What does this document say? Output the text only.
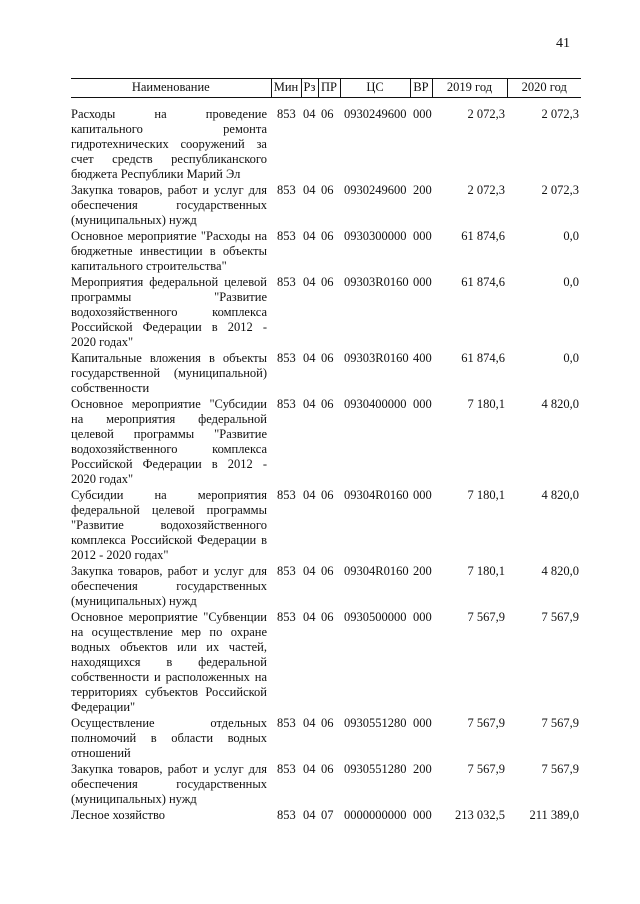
41
Наименование	Мин	Рз	ПР	ЦС	ВР	2019 год	2020 год
Расходы на проведение капитального ремонта гидротехнических сооружений за счет средств республиканского бюджета Республики Марий Эл	853	04	06	0930249600	000	2 072,3	2 072,3
Закупка товаров, работ и услуг для обеспечения государственных (муниципальных) нужд	853	04	06	0930249600	200	2 072,3	2 072,3
Основное мероприятие "Расходы на бюджетные инвестиции в объекты капитального строительства"	853	04	06	0930300000	000	61 874,6	0,0
Мероприятия федеральной целевой программы "Развитие водохозяйственного комплекса Российской Федерации в 2012 - 2020 годах"	853	04	06	09303R0160	000	61 874,6	0,0
Капитальные вложения в объекты государственной (муниципальной) собственности	853	04	06	09303R0160	400	61 874,6	0,0
Основное мероприятие "Субсидии на мероприятия федеральной целевой программы "Развитие водохозяйственного комплекса Российской Федерации в 2012 - 2020 годах"	853	04	06	0930400000	000	7 180,1	4 820,0
Субсидии на мероприятия федеральной целевой программы "Развитие водохозяйственного комплекса Российской Федерации в 2012 - 2020 годах"	853	04	06	09304R0160	000	7 180,1	4 820,0
Закупка товаров, работ и услуг для обеспечения государственных (муниципальных) нужд	853	04	06	09304R0160	200	7 180,1	4 820,0
Основное мероприятие "Субвенции на осуществление мер по охране водных объектов или их частей, находящихся в федеральной собственности и расположенных на территориях субъектов Российской Федерации"	853	04	06	0930500000	000	7 567,9	7 567,9
Осуществление отдельных полномочий в области водных отношений	853	04	06	0930551280	000	7 567,9	7 567,9
Закупка товаров, работ и услуг для обеспечения государственных (муниципальных) нужд	853	04	06	0930551280	200	7 567,9	7 567,9
Лесное хозяйство	853	04	07	0000000000	000	213 032,5	211 389,0
